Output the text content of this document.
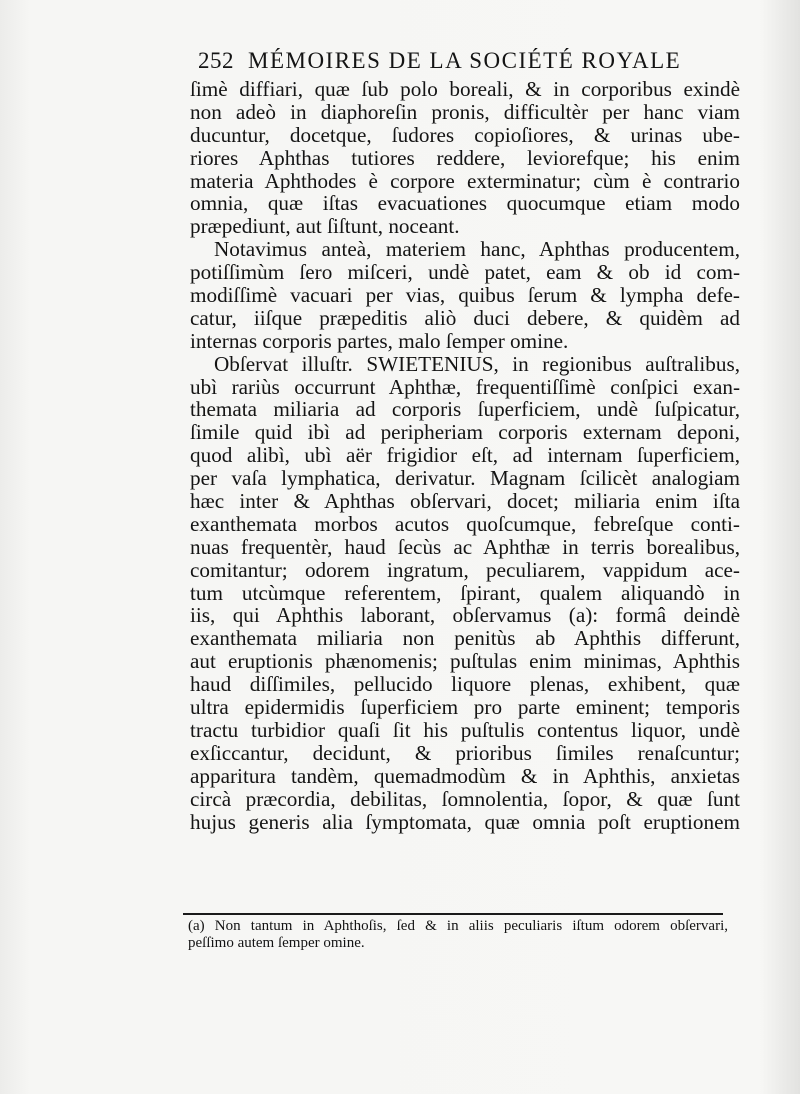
252 MÉMOIRES DE LA SOCIÉTÉ ROYALE
ſimè diffiari, quæ ſub polo boreali, & in corporibus exindè
non adeò in diaphoreſin pronis, difficultèr per hanc viam
ducuntur, docetque, ſudores copioſiores, & urinas ube-
riores Aphthas tutiores reddere, leviorefque; his enim
materia Aphthodes è corpore exterminatur; cùm è contrario
omnia, quæ iſtas evacuationes quocumque etiam modo
præpediunt, aut ſiſtunt, noceant.
Notavimus anteà, materiem hanc, Aphthas producentem,
potiſſimùm ſero miſceri, undè patet, eam & ob id com-
modiſſimè vacuari per vias, quibus ſerum & lympha defe-
catur, iiſque præpeditis aliò duci debere, & quidèm ad
internas corporis partes, malo ſemper omine.
Obſervat illuſtr. SWIETENIUS, in regionibus auſtralibus,
ubì rariùs occurrunt Aphthæ, frequentiſſimè conſpici exan-
themata miliaria ad corporis ſuperficiem, undè ſuſpicatur,
ſimile quid ibì ad peripheriam corporis externam deponi,
quod alibì, ubì aër frigidior eſt, ad internam ſuperficiem,
per vaſa lymphatica, derivatur. Magnam ſcilicèt analogiam
hæc inter & Aphthas obſervari, docet; miliaria enim iſta
exanthemata morbos acutos quoſcumque, febreſque conti-
nuas frequentèr, haud ſecùs ac Aphthæ in terris borealibus,
comitantur; odorem ingratum, peculiarem, vappidum ace-
tum utcùmque referentem, ſpirant, qualem aliquandò in
iis, qui Aphthis laborant, obſervamus (a): formâ deindè
exanthemata miliaria non penitùs ab Aphthis differunt,
aut eruptionis phænomenis; puſtulas enim minimas, Aphthis
haud diſſimiles, pellucido liquore plenas, exhibent, quæ
ultra epidermidis ſuperficiem pro parte eminent; temporis
tractu turbidior quaſi ſit his puſtulis contentus liquor, undè
exſiccantur, decidunt, & prioribus ſimiles renaſcuntur;
apparitura tandèm, quemadmodùm & in Aphthis, anxietas
circà præcordia, debilitas, ſomnolentia, ſopor, & quæ ſunt
hujus generis alia ſymptomata, quæ omnia poſt eruptionem
(a) Non tantum in Aphthoſis, ſed & in aliis peculiaris iſtum odorem obſervari,
peſſimo autem ſemper omine.
